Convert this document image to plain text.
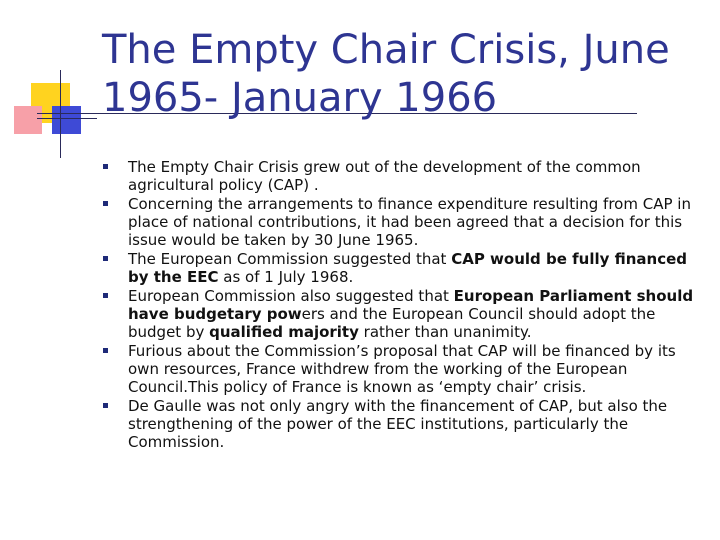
The Empty Chair Crisis, June 1965- January 1966
The Empty Chair Crisis grew out of the development of the common agricultural policy (CAP) .
Concerning the arrangements to finance expenditure resulting from CAP in place of national contributions, it had been agreed that a decision for this issue would be taken by 30 June 1965.
The European Commission suggested that CAP would be fully financed by the EEC as of 1 July 1968.
European Commission also suggested that European Parliament should have budgetary powers and the European Council should adopt the budget by qualified majority rather than unanimity.
Furious about the Commission’s proposal that CAP will be financed by its own resources, France withdrew from the working of the European Council.This policy of France is known as ‘empty chair’ crisis.
De Gaulle was not only angry with the financement of CAP, but also the strengthening of the power of the EEC institutions, particularly the Commission.
